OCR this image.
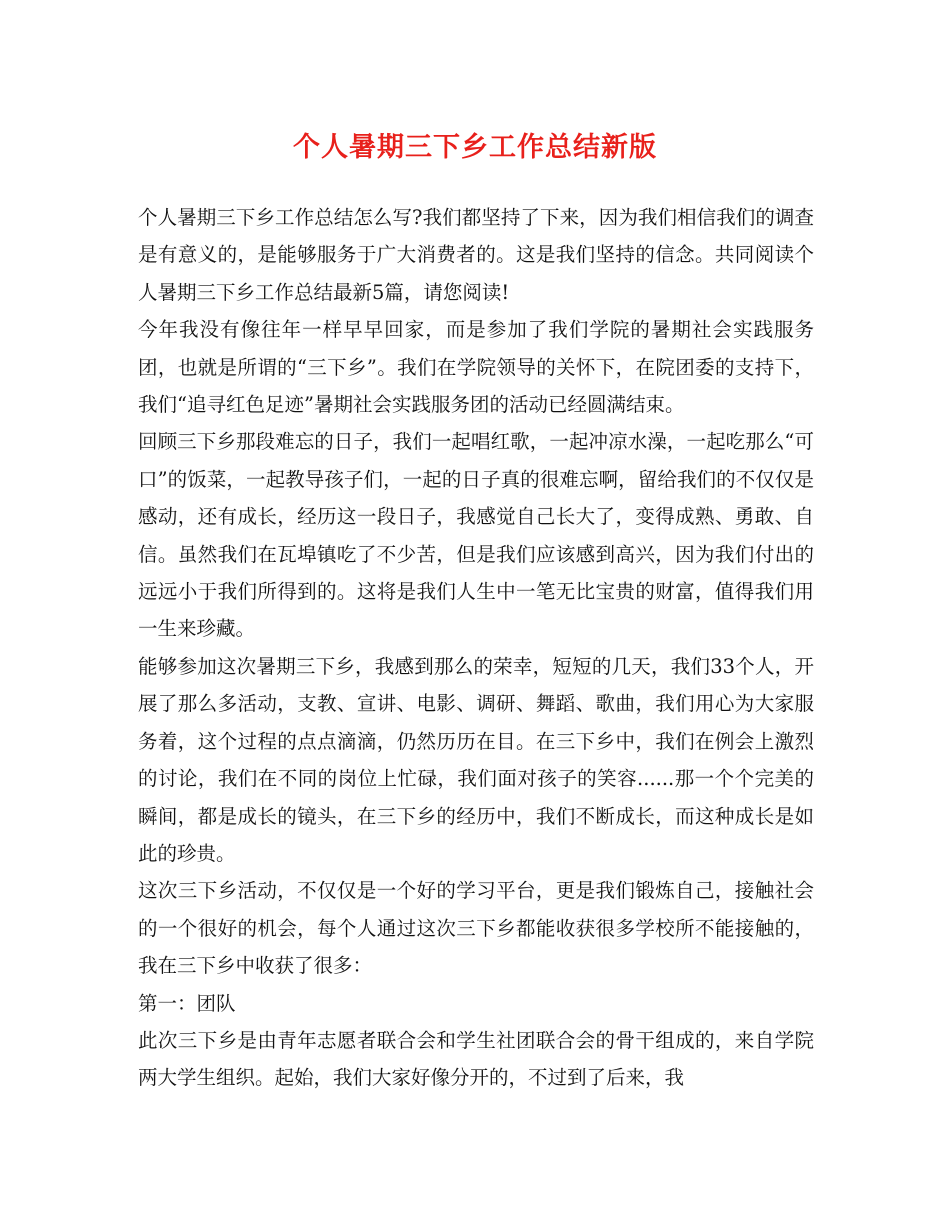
个人暑期三下乡工作总结新版

个人暑期三下乡工作总结怎么写?我们都坚持了下来，因为我们相信我们的调查是有意义的，是能够服务于广大消费者的。这是我们坚持的信念。共同阅读个人暑期三下乡工作总结最新5篇，请您阅读!

今年我没有像往年一样早早回家，而是参加了我们学院的暑期社会实践服务团，也就是所谓的“三下乡”。我们在学院领导的关怀下，在院团委的支持下，我们“追寻红色足迹”暑期社会实践服务团的活动已经圆满结束。

回顾三下乡那段难忘的日子，我们一起唱红歌，一起冲凉水澡，一起吃那么“可口”的饭菜，一起教导孩子们，一起的日子真的很难忘啊，留给我们的不仅仅是感动，还有成长，经历这一段日子，我感觉自己长大了，变得成熟、勇敢、自信。虽然我们在瓦埠镇吃了不少苦，但是我们应该感到高兴，因为我们付出的远远小于我们所得到的。这将是我们人生中一笔无比宝贵的财富，值得我们用一生来珍藏。

能够参加这次暑期三下乡，我感到那么的荣幸，短短的几天，我们33个人，开展了那么多活动，支教、宣讲、电影、调研、舞蹈、歌曲，我们用心为大家服务着，这个过程的点点滴滴，仍然历历在目。在三下乡中，我们在例会上激烈的讨论，我们在不同的岗位上忙碌，我们面对孩子的笑容......那一个个完美的瞬间，都是成长的镜头，在三下乡的经历中，我们不断成长，而这种成长是如此的珍贵。

这次三下乡活动，不仅仅是一个好的学习平台，更是我们锻炼自己，接触社会的一个很好的机会，每个人通过这次三下乡都能收获很多学校所不能接触的，我在三下乡中收获了很多：

第一：团队

此次三下乡是由青年志愿者联合会和学生社团联合会的骨干组成的，来自学院两大学生组织。起始，我们大家好像分开的，不过到了后来，我
